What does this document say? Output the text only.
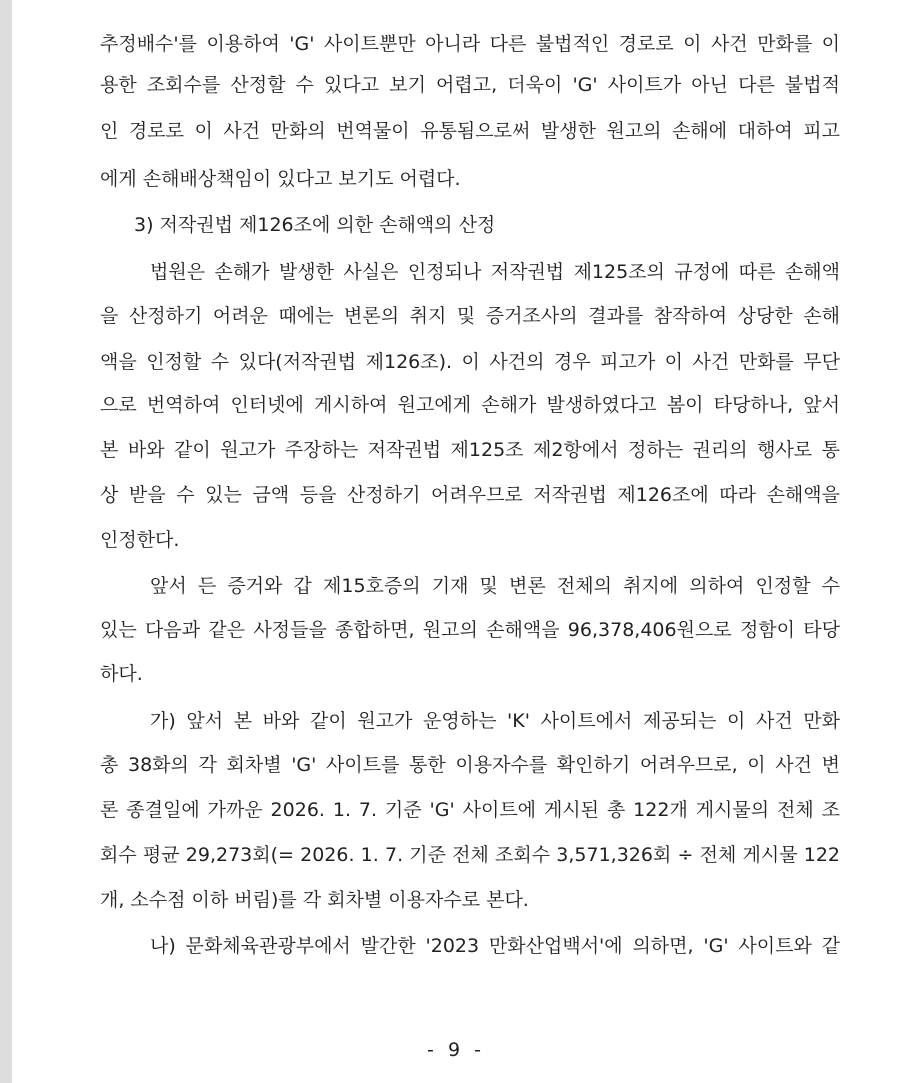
추정배수'를 이용하여 'G' 사이트뿐만 아니라 다른 불법적인 경로로 이 사건 만화를 이
용한 조회수를 산정할 수 있다고 보기 어렵고, 더욱이 'G' 사이트가 아닌 다른 불법적
인 경로로 이 사건 만화의 번역물이 유통됨으로써 발생한 원고의 손해에 대하여 피고
에게 손해배상책임이 있다고 보기도 어렵다.
3) 저작권법 제126조에 의한 손해액의 산정
법원은 손해가 발생한 사실은 인정되나 저작권법 제125조의 규정에 따른 손해액
을 산정하기 어려운 때에는 변론의 취지 및 증거조사의 결과를 참작하여 상당한 손해
액을 인정할 수 있다(저작권법 제126조). 이 사건의 경우 피고가 이 사건 만화를 무단
으로 번역하여 인터넷에 게시하여 원고에게 손해가 발생하였다고 봄이 타당하나, 앞서
본 바와 같이 원고가 주장하는 저작권법 제125조 제2항에서 정하는 권리의 행사로 통
상 받을 수 있는 금액 등을 산정하기 어려우므로 저작권법 제126조에 따라 손해액을
인정한다.
앞서 든 증거와 갑 제15호증의 기재 및 변론 전체의 취지에 의하여 인정할 수
있는 다음과 같은 사정들을 종합하면, 원고의 손해액을 96,378,406원으로 정함이 타당
하다.
가) 앞서 본 바와 같이 원고가 운영하는 'K' 사이트에서 제공되는 이 사건 만화
총 38화의 각 회차별 'G' 사이트를 통한 이용자수를 확인하기 어려우므로, 이 사건 변
론 종결일에 가까운 2026. 1. 7. 기준 'G' 사이트에 게시된 총 122개 게시물의 전체 조
회수 평균 29,273회(= 2026. 1. 7. 기준 전체 조회수 3,571,326회 ÷ 전체 게시물 122
개, 소수점 이하 버림)를 각 회차별 이용자수로 본다.
나) 문화체육관광부에서 발간한 '2023 만화산업백서'에 의하면, 'G' 사이트와 같
- 9 -
